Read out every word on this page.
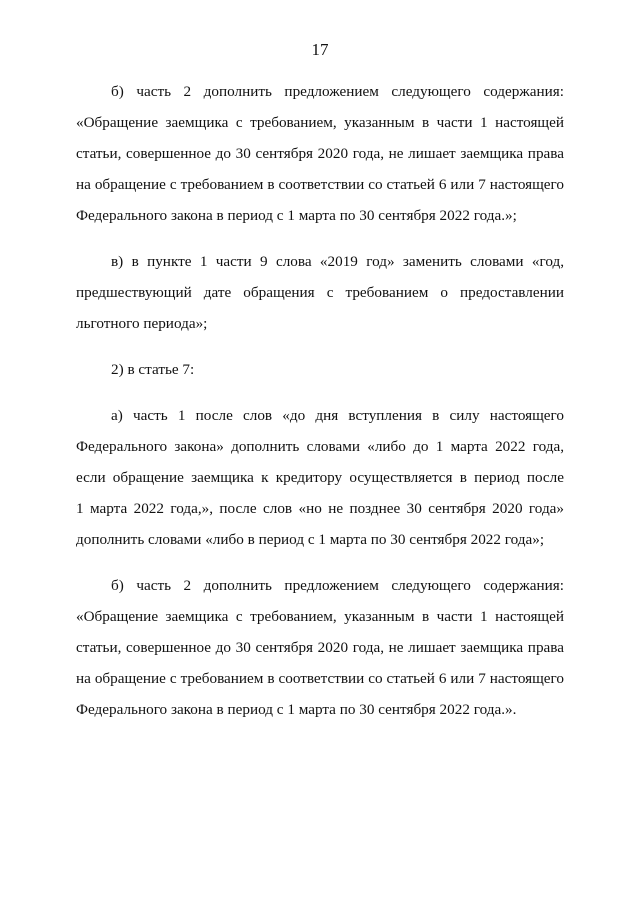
17
б) часть 2 дополнить предложением следующего содержания:
«Обращение заемщика с требованием, указанным в части 1 настоящей
статьи, совершенное до 30 сентября 2020 года, не лишает заемщика права
на обращение с требованием в соответствии со статьей 6 или 7 настоящего
Федерального закона в период с 1 марта по 30 сентября 2022 года.»;
в) в пункте 1 части 9 слова «2019 год» заменить словами «год,
предшествующий дате обращения с требованием о предоставлении
льготного периода»;
2) в статье 7:
а) часть 1 после слов «до дня вступления в силу настоящего
Федерального закона» дополнить словами «либо до 1 марта 2022 года,
если обращение заемщика к кредитору осуществляется в период после
1 марта 2022 года,», после слов «но не позднее 30 сентября 2020 года»
дополнить словами «либо в период с 1 марта по 30 сентября 2022 года»;
б) часть 2 дополнить предложением следующего содержания:
«Обращение заемщика с требованием, указанным в части 1 настоящей
статьи, совершенное до 30 сентября 2020 года, не лишает заемщика права
на обращение с требованием в соответствии со статьей 6 или 7 настоящего
Федерального закона в период с 1 марта по 30 сентября 2022 года.».
